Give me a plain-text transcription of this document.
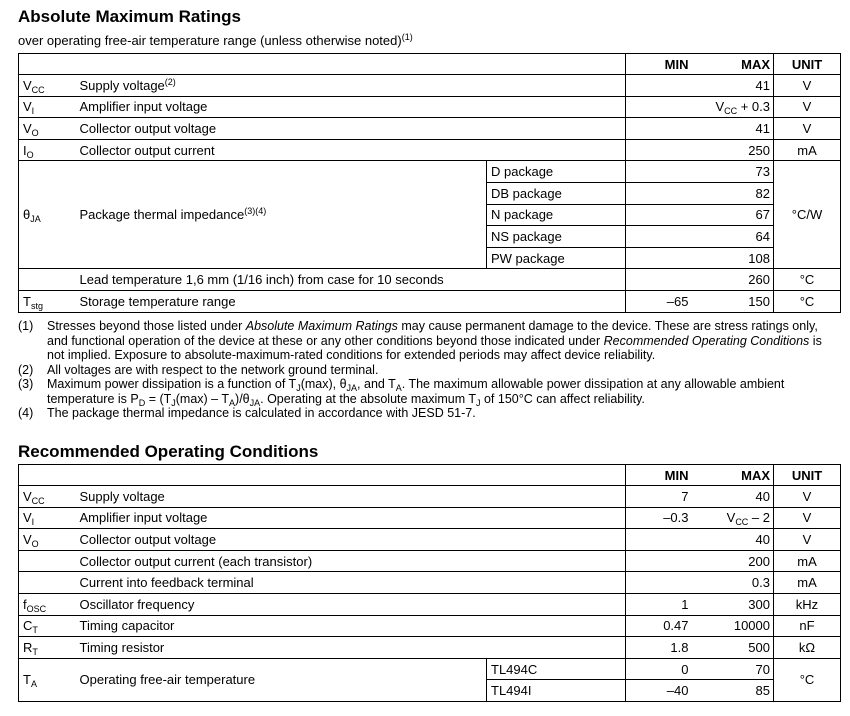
Absolute Maximum Ratings
over operating free-air temperature range (unless otherwise noted)$^{(1)}$
			MIN	MAX	UNIT
$V_{CC}$	Supply voltage$^{(2)}$			41	V
$V_I$	Amplifier input voltage			$V_{CC} + 0.3$	V
$V_O$	Collector output voltage			41	V
$I_O$	Collector output current			250	mA
$\theta_{JA}$	Package thermal impedance$^{(3)(4)}$	D package		73	°C/W
		DB package		82	
		N package		67	
		NS package		64	
		PW package		108	
	Lead temperature 1,6 mm (1/16 inch) from case for 10 seconds			260	°C
$T_{stg}$	Storage temperature range		–65	150	°C
(1)	Stresses beyond those listed under Absolute Maximum Ratings may cause permanent damage to the device. These are stress ratings only, and functional operation of the device at these or any other conditions beyond those indicated under Recommended Operating Conditions is not implied. Exposure to absolute-maximum-rated conditions for extended periods may affect device reliability.
(2)	All voltages are with respect to the network ground terminal.
(3)	Maximum power dissipation is a function of $T_J(\max)$, $\theta_{JA}$, and $T_A$. The maximum allowable power dissipation at any allowable ambient temperature is $P_D = (T_J(\max) - T_A)/\theta_{JA}$. Operating at the absolute maximum $T_J$ of 150°C can affect reliability.
(4)	The package thermal impedance is calculated in accordance with JESD 51-7.
Recommended Operating Conditions
			MIN	MAX	UNIT
$V_{CC}$	Supply voltage		7	40	V
$V_I$	Amplifier input voltage		–0.3	$V_{CC} - 2$	V
$V_O$	Collector output voltage			40	V
	Collector output current (each transistor)			200	mA
	Current into feedback terminal			0.3	mA
$f_{OSC}$	Oscillator frequency		1	300	kHz
$C_T$	Timing capacitor		0.47	10000	nF
$R_T$	Timing resistor		1.8	500	kΩ
$T_A$	Operating free-air temperature	TL494C	0	70	°C
		TL494I	–40	85	
